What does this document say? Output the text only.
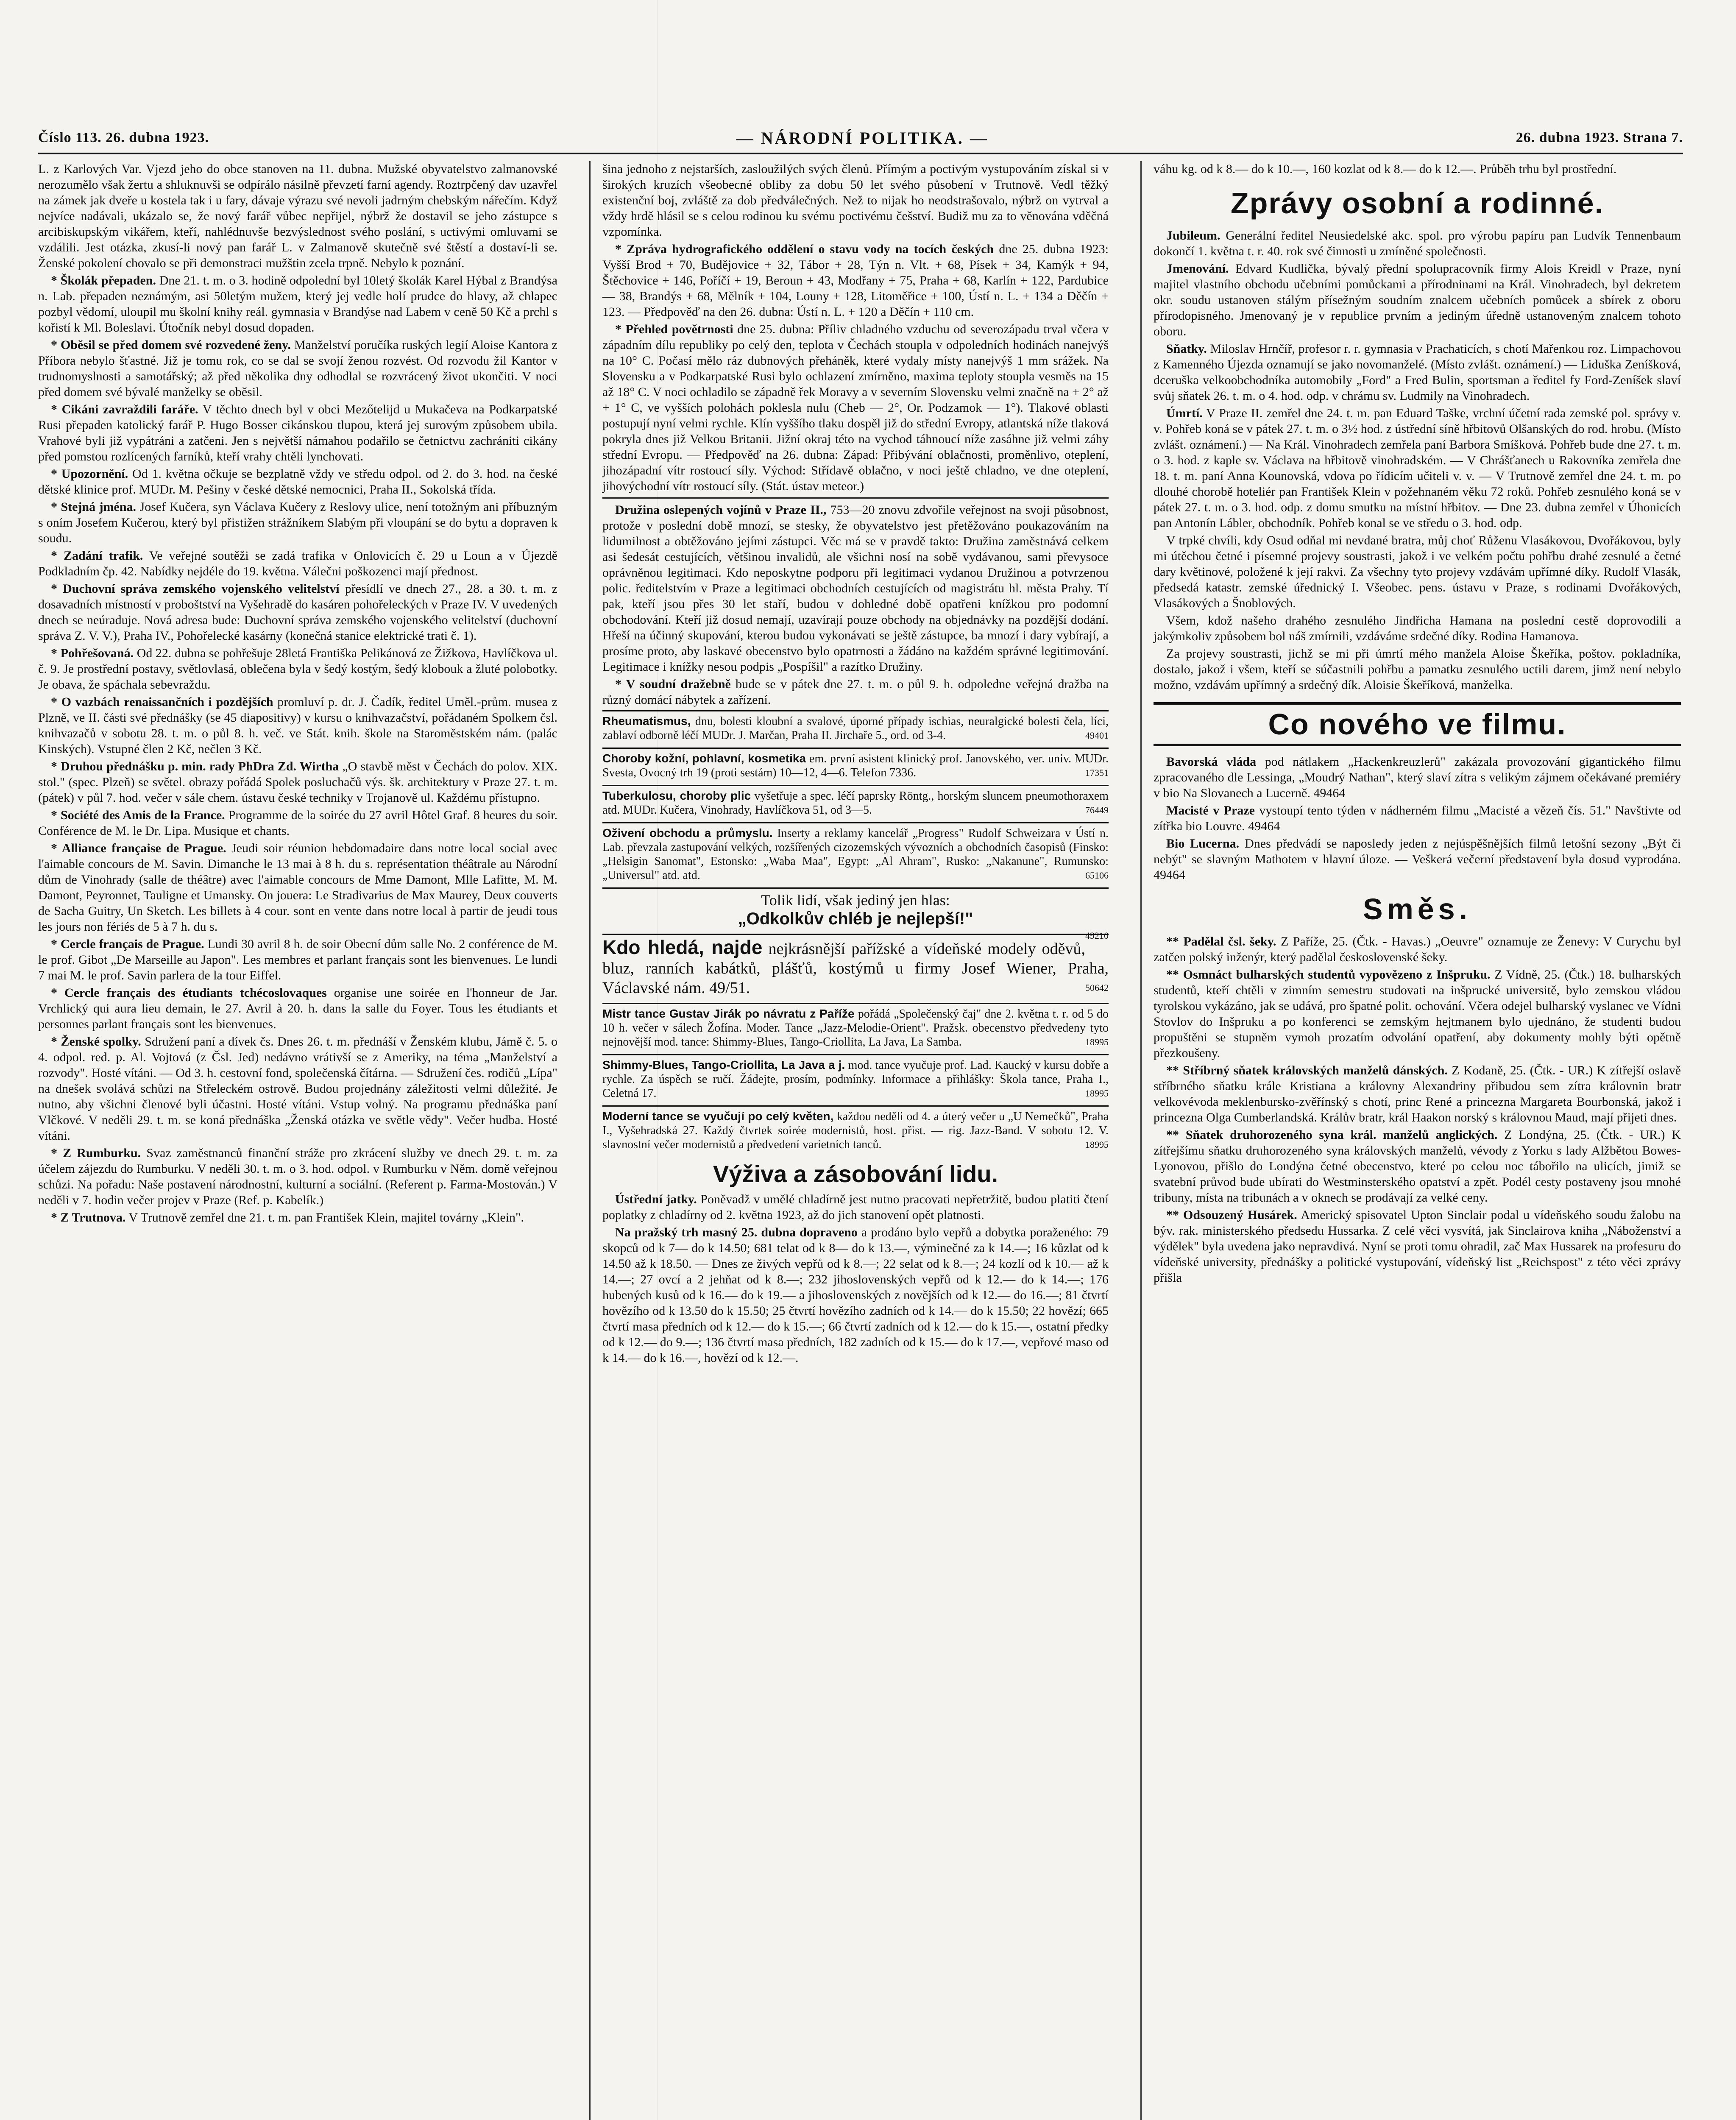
Číslo 113. 26. dubna 1923.	— NÁRODNÍ POLITIKA. —	26. dubna 1923. Strana 7.

L. z Karlových Var. Vjezd jeho do obce stanoven na 11. dubna. Mužské obyvatelstvo zalmanovské nerozumělo však žertu a shluknuvši se odpírálo násilně převzetí farní agendy. Roztrpčený dav uzavřel na zámek jak dveře u kostela tak i u fary, dávaje výrazu své nevoli jadrným chebským nářečím. Když nejvíce nadávali, ukázalo se, že nový farář vůbec nepřijel, nýbrž že dostavil se jeho zástupce s arcibiskupským vikářem, kteří, nahlédnuvše bezvýslednost svého poslání, s uctivými omluvami se vzdálili. Jest otázka, zkusí-li nový pan farář L. v Zalmanově skutečně své štěstí a dostaví-li se. Ženské pokolení chovalo se při demonstraci mužštin zcela trpně. Nebylo k poznání.

* Školák přepaden. Dne 21. t. m. o 3. hodině odpolední byl 10letý školák Karel Hýbal z Brandýsa n. Lab. přepaden neznámým, asi 50letým mužem, který jej vedle holí prudce do hlavy, až chlapec pozbyl vědomí, uloupil mu školní knihy reál. gymnasia v Brandýse nad Labem v ceně 50 Kč a prchl s kořistí k Ml. Boleslavi. Útočník nebyl dosud dopaden.

* Oběsil se před domem své rozvedené ženy. Manželství poručíka ruských legií Aloise Kantora z Příbora nebylo šťastné. Již je tomu rok, co se dal se svojí ženou rozvést. Od rozvodu žil Kantor v trudnomyslnosti a samotářský; až před několika dny odhodlal se rozvrácený život ukončiti. V noci před domem své bývalé manželky se oběsil.

* Cikáni zavraždili faráře. V těchto dnech byl v obci Mezőtelijd u Mukačeva na Podkarpatské Rusi přepaden katolický farář P. Hugo Bosser cikánskou tlupou, která jej surovým způsobem ubila. Vrahové byli již vypátráni a zatčeni. Jen s největší námahou podařilo se četnictvu zachrániti cikány před pomstou rozlícených farníků, kteří vrahy chtěli lynchovati.

* Upozornění. Od 1. května očkuje se bezplatně vždy ve středu odpol. od 2. do 3. hod. na české dětské klinice prof. MUDr. M. Pešiny v české dětské nemocnici, Praha II., Sokolská třída.

* Stejná jména. Josef Kučera, syn Václava Kučery z Reslovy ulice, není totožným ani příbuzným s oním Josefem Kučerou, který byl přistižen strážníkem Slabým při vloupání se do bytu a dopraven k soudu.

* Zadání trafik. Ve veřejné soutěži se zadá trafika v Onlovicích č. 29 u Loun a v Újezdě Podkladním čp. 42. Nabídky nejdéle do 19. května. Válečni poškozenci mají přednost.

* Duchovní správa zemského vojenského velitelství přesídlí ve dnech 27., 28. a 30. t. m. z dosavadních místností v proboštství na Vyšehradě do kasáren pohořeleckých v Praze IV. V uvedených dnech se neúraduje. Nová adresa bude: Duchovní správa zemského vojenského velitelství (duchovní správa Z. V. V.), Praha IV., Pohořelecké kasárny (konečná stanice elektrické trati č. 1).

* Pohřešovaná. Od 22. dubna se pohřešuje 28letá Františka Pelikánová ze Žižkova, Havlíčkova ul. č. 9. Je prostřední postavy, světlovlasá, oblečena byla v šedý kostým, šedý klobouk a žluté polobotky. Je obava, že spáchala sebevraždu.

* O vazbách renaissančních i pozdějších promluví p. dr. J. Čadík, ředitel Uměl.-prům. musea z Plzně, ve II. části své přednášky (se 45 diapositivy) v kursu o knihvazačství, pořádaném Spolkem čsl. knihvazačů v sobotu 28. t. m. o půl 8. h. več. ve Stát. knih. škole na Staroměstském nám. (palác Kinských). Vstupné člen 2 Kč, nečlen 3 Kč.

* Druhou přednášku p. min. rady PhDra Zd. Wirtha „O stavbě měst v Čechách do polov. XIX. stol." (spec. Plzeň) se světel. obrazy pořádá Spolek posluchačů výs. šk. architektury v Praze 27. t. m. (pátek) v půl 7. hod. večer v sále chem. ústavu české techniky v Trojanově ul. Každému přístupno.

* Société des Amis de la France. Programme de la soirée du 27 avril Hôtel Graf. 8 heures du soir. Conférence de M. le Dr. Lipa. Musique et chants.

* Alliance française de Prague. Jeudi soir réunion hebdomadaire dans notre local social avec l'aimable concours de M. Savin. Dimanche le 13 mai à 8 h. du s. représentation théâtrale au Národní dům de Vinohrady (salle de théâtre) avec l'aimable concours de Mme Damont, Mlle Lafitte, M. M. Damont, Peyronnet, Tauligne et Umansky. On jouera: Le Stradivarius de Max Maurey, Deux couverts de Sacha Guitry, Un Sketch. Les billets à 4 cour. sont en vente dans notre local à partir de jeudi tous les jours non fériés de 5 à 7 h. du s.

* Cercle français de Prague. Lundi 30 avril 8 h. de soir Obecní dům salle No. 2 conférence de M. le prof. Gibot „De Marseille au Japon". Les membres et parlant français sont les bienvenues. Le lundi 7 mai M. le prof. Savin parlera de la tour Eiffel.

* Cercle français des étudiants tchécoslovaques organise une soirée en l'honneur de Jar. Vrchlický qui aura lieu demain, le 27. Avril à 20. h. dans la salle du Foyer. Tous les étudiants et personnes parlant français sont les bienvenues.

* Ženské spolky. Sdružení paní a dívek čs. Dnes 26. t. m. přednáší v Ženském klubu, Jámě č. 5. o 4. odpol. red. p. Al. Vojtová (z Čsl. Jed) nedávno vrátivší se z Ameriky, na téma „Manželství a rozvody". Hosté vítáni. — Od 3. h. cestovní fond, společenská čítárna. — Sdružení čes. rodičů „Lípa" na dnešek svolává schůzi na Střeleckém ostrově. Budou projednány záležitosti velmi důležité. Je nutno, aby všichni členové byli účastni. Hosté vítáni. Vstup volný. Na programu přednáška paní Vlčkové. V neděli 29. t. m. se koná přednáška „Ženská otázka ve světle vědy". Večer hudba. Hosté vítáni.

* Z Rumburku. Svaz zaměstnanců finanční stráže pro zkrácení služby ve dnech 29. t. m. za účelem zájezdu do Rumburku. V neděli 30. t. m. o 3. hod. odpol. v Rumburku v Něm. domě veřejnou schůzi. Na pořadu: Naše postavení národnostní, kulturní a sociální. (Referent p. Farma-Mostován.) V neděli v 7. hodin večer projev v Praze (Ref. p. Kabelík.)

* Z Trutnova. V Trutnově zemřel dne 21. t. m. pan František Klein, majitel továrny „Klein".

šina jednoho z nejstarších, zasloužilých svých členů. Přímým a poctivým vystupováním získal si v širokých kruzích všeobecné obliby za dobu 50 let svého působení v Trutnově. Vedl těžký existenční boj, zvláště za dob předválečných. Než to nijak ho neodstrašovalo, nýbrž on vytrval a vždy hrdě hlásil se s celou rodinou ku svému poctivému češství. Budiž mu za to věnována vděčná vzpomínka.

* Zpráva hydrografického oddělení o stavu vody na tocích českých dne 25. dubna 1923: Vyšší Brod + 70, Budějovice + 32, Tábor + 28, Týn n. Vlt. + 68, Písek + 34, Kamýk + 94, Štěchovice + 146, Poříčí + 19, Beroun + 43, Modřany + 75, Praha + 68, Karlín + 122, Pardubice — 38, Brandýs + 68, Mělník + 104, Louny + 128, Litoměřice + 100, Ústí n. L. + 134 a Děčín + 123. — Předpověď na den 26. dubna: Ústí n. L. + 120 a Děčín + 110 cm.

* Přehled povětrnosti dne 25. dubna: Příliv chladného vzduchu od severozápadu trval včera v západním dílu republiky po celý den, teplota v Čechách stoupla v odpoledních hodinách nanejvýš na 10° C. Počasí mělo ráz dubnových přeháněk, které vydaly místy nanejvýš 1 mm srážek. Na Slovensku a v Podkarpatské Rusi bylo ochlazení zmírněno, maxima teploty stoupla vesměs na 15 až 18° C. V noci ochladilo se západně řek Moravy a v severním Slovensku velmi značně na + 2° až + 1° C, ve vyšších polohách poklesla nulu (Cheb — 2°, Or. Podzamok — 1°). Tlakové oblasti postupují nyní velmi rychle. Klín vyššího tlaku dospěl již do střední Evropy, atlantská níže tlaková pokryla dnes již Velkou Britanii. Jižní okraj této na vychod táhnoucí níže zasáhne již velmi záhy střední Evropu. — Předpověď na 26. dubna: Západ: Přibývání oblačnosti, proměnlivo, oteplení, jihozápadní vítr rostoucí síly. Východ: Střídavě oblačno, v noci ještě chladno, ve dne oteplení, jihovýchodní vítr rostoucí síly. (Stát. ústav meteor.)

Družina oslepených vojínů v Praze II., 753—20 znovu zdvořile veřejnost na svoji působnost, protože v poslední době mnozí, se stesky, že obyvatelstvo jest přetěžováno poukazováním na lidumilnost a obtěžováno jejími zástupci. Věc má se v pravdě takto: Družina zaměstnává celkem asi šedesát cestujících, většinou invalidů, ale všichni nosí na sobě vydávanou, sami převysoce oprávněnou legitimaci. Kdo neposkytne podporu při legitimaci vydanou Družinou a potvrzenou polic. ředitelstvím v Praze a legitimaci obchodních cestujících od magistrátu hl. města Prahy. Tí pak, kteří jsou přes 30 let staří, budou v dohledné době opatřeni knížkou pro podomní obchodování. Kteří již dosud nemají, uzavírají pouze obchody na objednávky na pozdější dodání. Hřeší na účinný skupování, kterou budou vykonávati se ještě zástupce, ba mnozí i dary vybírají, a prosíme proto, aby laskavé obecenstvo bylo opatrnosti a žádáno na každém správné legitimování. Legitimace i knížky nesou podpis „Pospíšil" a razítko Družiny.

* V soudní dražebně bude se v pátek dne 27. t. m. o půl 9. h. odpoledne veřejná dražba na různý domácí nábytek a zařízení.

Rheumatismus, dnu, bolesti kloubní a svalové, úporné případy ischias, neuralgické bolesti čela, líci, zablaví odborně léčí MUDr. J. Marčan, Praha II. Jirchaře 5., ord. od 3-4.	49401
Choroby kožní, pohlavní, kosmetika em. první asistent klinický prof. Janovského, ver. univ. MUDr. Svesta, Ovocný trh 19 (proti sestám) 10—12, 4—6. Telefon 7336.	17351
Tuberkulosu, choroby plic vyšetřuje a spec. léčí paprsky Röntg., horským sluncem pneumothoraxem atd. MUDr. Kučera, Vinohrady, Havlíčkova 51, od 3—5.	76449
Oživení obchodu a průmyslu. Inserty a reklamy kancelář „Progress" Rudolf Schweizara v Ústí n. Lab. převzala zastupování velkých, rozšířených cizozemských vývozních a obchodních časopisů (Finsko: „Helsigin Sanomat", Estonsko: „Waba Maa", Egypt: „Al Ahram", Rusko: „Nakanune", Rumunsko: „Universul" atd. atd.	65106
Tolik lidí, však jediný jen hlas:
„Odkolkův chléb je nejlepší!"
49210
Kdo hledá, najde nejkrásnější pařížské a vídeňské modely oděvů, bluz, ranních kabátků, plášťů, kostýmů u firmy Josef Wiener, Praha, Václavské nám. 49/51.	50642
Mistr tance Gustav Jirák po návratu z Paříže pořádá „Společenský čaj" dne 2. května t. r. od 5 do 10 h. večer v sálech Žofína. Moder. Tance „Jazz-Melodie-Orient". Pražsk. obecenstvo předvedeny tyto nejnovější mod. tance: Shimmy-Blues, Tango-Criollita, La Java, La Samba.	18995
Shimmy-Blues, Tango-Criollita, La Java a j. mod. tance vyučuje prof. Lad. Kaucký v kursu dobře a rychle. Za úspěch se ručí. Žádejte, prosím, podmínky. Informace a přihlášky: Škola tance, Praha I., Celetná 17.	18995
Moderní tance se vyučují po celý květen, každou neděli od 4. a úterý večer u „U Nemečků", Praha I., Vyšehradská 27. Každý čtvrtek soirée modernistů, host. přist. — rig. Jazz-Band. V sobotu 12. V. slavnostní večer modernistů a předvedení varietních tanců.	18995
Výživa a zásobování lidu.

Ústřední jatky. Poněvadž v umělé chladírně jest nutno pracovati nepřetržitě, budou platiti čtení poplatky z chladírny od 2. května 1923, až do jich stanovení opět platnosti.

Na pražský trh masný 25. dubna dopraveno a prodáno bylo vepřů a dobytka poraženého: 79 skopců od k 7— do k 14.50; 681 telat od k 8— do k 13.—, výminečné za k 14.—; 16 kůzlat od k 14.50 až k 18.50. — Dnes ze živých vepřů od k 8.—; 22 selat od k 8.—; 24 kozlí od k 10.— až k 14.—; 27 ovcí a 2 jehňat od k 8.—; 232 jihoslovenských vepřů od k 12.— do k 14.—; 176 hubených kusů od k 16.— do k 19.— a jihoslovenských z novějších od k 12.— do 16.—; 81 čtvrtí hovězího od k 13.50 do k 15.50; 25 čtvrtí hovězího zadních od k 14.— do k 15.50; 22 hovězí; 665 čtvrtí masa předních od k 12.— do k 15.—; 66 čtvrtí zadních od k 12.— do k 15.—, ostatní předky od k 12.— do 9.—; 136 čtvrtí masa předních, 182 zadních od k 15.— do k 17.—, vepřové maso od k 14.— do k 16.—, hovězí od k 12.—.

váhu kg. od k 8.— do k 10.—, 160 kozlat od k 8.— do k 12.—. Průběh trhu byl prostřední.

Zprávy osobní a rodinné.

Jubileum. Generální ředitel Neusiedelské akc. spol. pro výrobu papíru pan Ludvík Tennenbaum dokončí 1. května t. r. 40. rok své činnosti u zmíněné společnosti.

Jmenování. Edvard Kudlička, bývalý přední spolupracovník firmy Alois Kreidl v Praze, nyní majitel vlastního obchodu učebními pomůckami a přírodninami na Král. Vinohradech, byl dekretem okr. soudu ustanoven stálým přísežným soudním znalcem učebních pomůcek a sbírek z oboru přírodopisného. Jmenovaný je v republice prvním a jediným úředně ustanoveným znalcem tohoto oboru.

Sňatky. Miloslav Hrnčíř, profesor r. r. gymnasia v Prachaticích, s chotí Mařenkou roz. Limpachovou z Kamenného Újezda oznamují se jako novomanželé. (Místo zvlášt. oznámení.) — Liduška Zeníšková, dceruška velkoobchodníka automobily „Ford" a Fred Bulin, sportsman a ředitel fy Ford-Zeníšek slaví svůj sňatek 26. t. m. o 4. hod. odp. v chrámu sv. Ludmily na Vinohradech.

Úmrtí. V Praze II. zemřel dne 24. t. m. pan Eduard Taške, vrchní účetní rada zemské pol. správy v. v. Pohřeb koná se v pátek 27. t. m. o 3½ hod. z ústřední síně hřbitovů Olšanských do rod. hrobu. (Místo zvlášt. oznámení.) — Na Král. Vinohradech zemřela paní Barbora Smíšková. Pohřeb bude dne 27. t. m. o 3. hod. z kaple sv. Václava na hřbitově vinohradském. — V Chrášťanech u Rakovníka zemřela dne 18. t. m. paní Anna Kounovská, vdova po řídicím učiteli v. v. — V Trutnově zemřel dne 24. t. m. po dlouhé chorobě hoteliér pan František Klein v požehnaném věku 72 roků. Pohřeb zesnulého koná se v pátek 27. t. m. o 3. hod. odp. z domu smutku na místní hřbitov. — Dne 23. dubna zemřel v Úhonicích pan Antonín Lábler, obchodník. Pohřeb konal se ve středu o 3. hod. odp.

V trpké chvíli, kdy Osud odňal mi nevdané bratra, můj choť Růženu Vlasákovou, Dvořákovou, byly mi útěchou četné i písemné projevy soustrasti, jakož i ve velkém počtu pohřbu drahé zesnulé a četné dary květinové, položené k její rakvi. Za všechny tyto projevy vzdávám upřímné díky. Rudolf Vlasák, předsedá katastr. zemské úřednický I. Všeobec. pens. ústavu v Praze, s rodinami Dvořákových, Vlasákových a Šnoblových.

Všem, kdož našeho drahého zesnulého Jindřicha Hamana na poslední cestě doprovodili a jakýmkoliv způsobem bol náš zmírnili, vzdáváme srdečné díky. Rodina Hamanova.

Za projevy soustrasti, jichž se mi při úmrtí mého manžela Aloise Škeříka, poštov. pokladníka, dostalo, jakož i všem, kteří se súčastnili pohřbu a pamatku zesnulého uctili darem, jimž není nebylo možno, vzdávám upřímný a srdečný dík. Aloisie Škeříková, manželka.

Co nového ve filmu.

Bavorská vláda pod nátlakem „Hackenkreuzlerů" zakázala provozování gigantického filmu zpracovaného dle Lessinga, „Moudrý Nathan", který slaví zítra s velikým zájmem očekávané premiéry v bio Na Slovanech a Lucerně. 49464

Macisté v Praze vystoupí tento týden v nádherném filmu „Macisté a vězeň čís. 51." Navštivte od zítřka bio Louvre. 49464

Bio Lucerna. Dnes předvádí se naposledy jeden z nejúspěšnějších filmů letošní sezony „Být či nebýt" se slavným Mathotem v hlavní úloze. — Veškerá večerní představení byla dosud vyprodána. 49464

Směs.

** Padělal čsl. šeky. Z Paříže, 25. (Čtk. - Havas.) „Oeuvre" oznamuje ze Ženevy: V Curychu byl zatčen polský inženýr, který padělal československé šeky.

** Osmnáct bulharských studentů vypovězeno z Inšpruku. Z Vídně, 25. (Čtk.) 18. bulharských studentů, kteří chtěli v zimním semestru studovati na inšprucké universitě, bylo zemskou vládou tyrolskou vykázáno, jak se udává, pro špatné polit. ochování. Včera odejel bulharský vyslanec ve Vídni Stovlov do Inšpruku a po konferenci se zemským hejtmanem bylo ujednáno, že studenti budou propuštěni se stupněm vymoh prozatím odvolání opatření, aby dokumenty mohly býti opětně přezkoušeny.

** Stříbrný sňatek královských manželů dánských. Z Kodaně, 25. (Čtk. - UR.) K zítřejší oslavě stříbrného sňatku krále Kristiana a královny Alexandriny přibudou sem zítra královnin bratr velkovévoda meklenbursko-zvěřínský s chotí, princ René a princezna Margareta Bourbonská, jakož i princezna Olga Cumberlandská. Králův bratr, král Haakon norský s královnou Maud, mají přijeti dnes.

** Sňatek druhorozeného syna král. manželů anglických. Z Londýna, 25. (Čtk. - UR.) K zítřejšímu sňatku druhorozeného syna královských manželů, vévody z Yorku s lady Alžbětou Bowes-Lyonovou, přišlo do Londýna četné obecenstvo, které po celou noc tábořilo na ulicích, jimiž se svatební průvod bude ubírati do Westminsterského opatství a zpět. Podél cesty postaveny jsou mnohé tribuny, místa na tribunách a v oknech se prodávají za velké ceny.

** Odsouzený Husárek. Americký spisovatel Upton Sinclair podal u vídeňského soudu žalobu na býv. rak. ministerského předsedu Hussarka. Z celé věci vysvítá, jak Sinclairova kniha „Náboženství a výdělek" byla uvedena jako nepravdivá. Nyní se proti tomu ohradil, zač Max Hussarek na profesuru do vídeňské university, přednášky a politické vystupování, vídeňský list „Reichspost" z této věci zprávy přišla
